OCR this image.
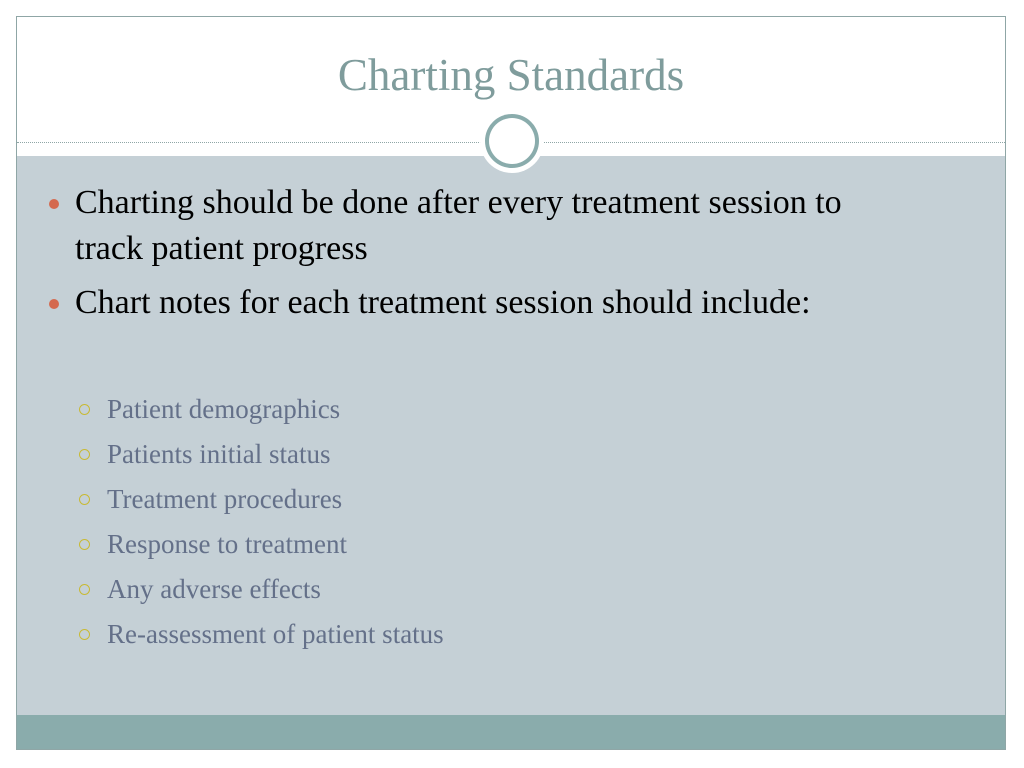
Charting Standards
Charting should be done after every treatment session to track patient progress
Chart notes for each treatment session should include:
Patient demographics
Patients initial status
Treatment procedures
Response to treatment
Any adverse effects
Re-assessment of patient status
